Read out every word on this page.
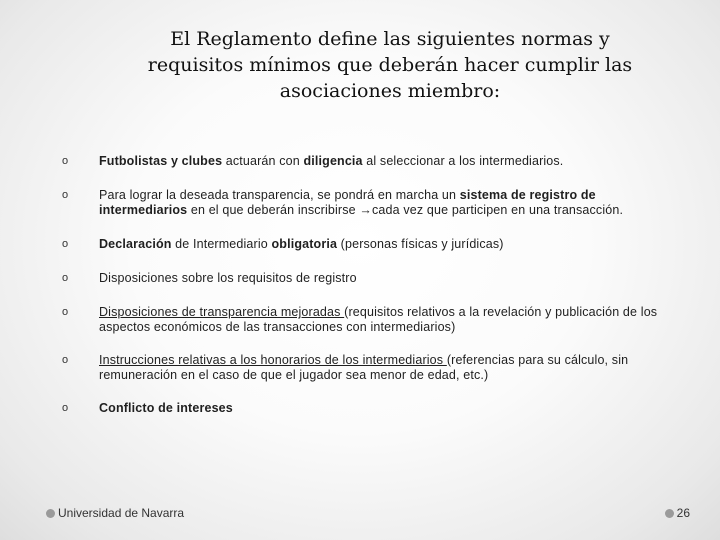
El Reglamento define las siguientes normas y
requisitos mínimos que deberán hacer cumplir las
asociaciones miembro:
o Futbolistas y clubes actuarán con diligencia al seleccionar a los intermediarios.
o Para lograr la deseada transparencia, se pondrá en marcha un sistema de registro de intermediarios en el que deberán inscribirse →cada vez que participen en una transacción.
o Declaración de Intermediario obligatoria (personas físicas y jurídicas)
o Disposiciones sobre los requisitos de registro
o Disposiciones de transparencia mejoradas (requisitos relativos a la revelación y publicación de los aspectos económicos de las transacciones con intermediarios)
o Instrucciones relativas a los honorarios de los intermediarios (referencias para su cálculo, sin remuneración en el caso de que el jugador sea menor de edad, etc.)
o Conflicto de intereses
Universidad de Navarra	26
